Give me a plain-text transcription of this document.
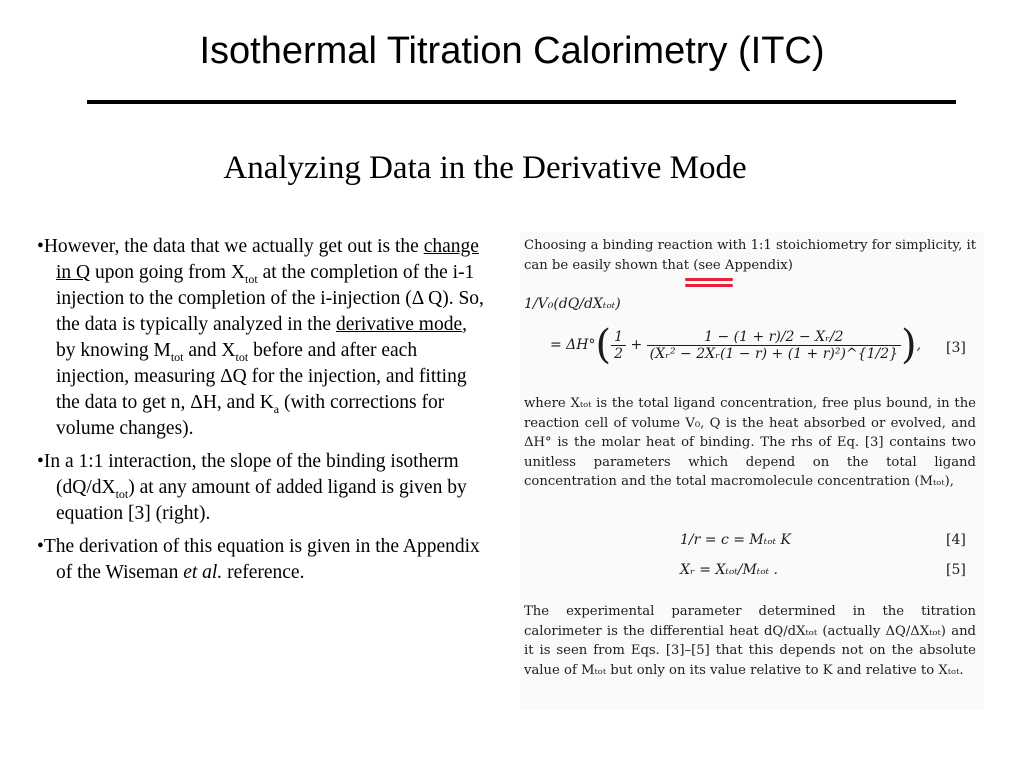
Isothermal Titration Calorimetry (ITC)
Analyzing Data in the Derivative Mode
•However, the data that we actually get out is the change in Q upon going from $X_{tot}$ at the completion of the i-1 injection to the completion of the i-injection (Δ Q). So, the data is typically analyzed in the derivative mode, by knowing $M_{tot}$ and $X_{tot}$ before and after each injection, measuring ΔQ for the injection, and fitting the data to get n, ΔH, and $K_a$ (with corrections for volume changes).
•In a 1:1 interaction, the slope of the binding isotherm $(dQ/dX_{tot})$ at any amount of added ligand is given by equation [3] (right).
•The derivation of this equation is given in the Appendix of the Wiseman et al. reference.
Choosing a binding reaction with 1:1 stoichiometry for simplicity, it can be easily shown that (see Appendix)
1/V₀(dQ/dXₜₒₜ)
= $\Delta H^\circ( \frac{1}{2} + \frac{\text{1 − (1 + r)/2 − Xᵣ/2}}{\text{(Xᵣ² − 2Xᵣ(1 − r) + (1 + r)²)\textasciicircum{}\{1/2\}}}$ ), [3]
where Xₜₒₜ is the total ligand concentration, free plus bound, in the reaction cell of volume V₀, Q is the heat absorbed or evolved, and ΔH° is the molar heat of binding. The rhs of Eq. [3] contains two unitless parameters which depend on the total ligand concentration and the total macromolecule concentration (Mₜₒₜ),
1/r = c = Mₜₒₜ K	[4]
Xᵣ = Xₜₒₜ/Mₜₒₜ .	[5]
The experimental parameter determined in the titration calorimeter is the differential heat dQ/dXₜₒₜ (actually ΔQ/ΔXₜₒₜ) and it is seen from Eqs. [3]–[5] that this depends not on the absolute value of Mₜₒₜ but only on its value relative to K and relative to Xₜₒₜ.
